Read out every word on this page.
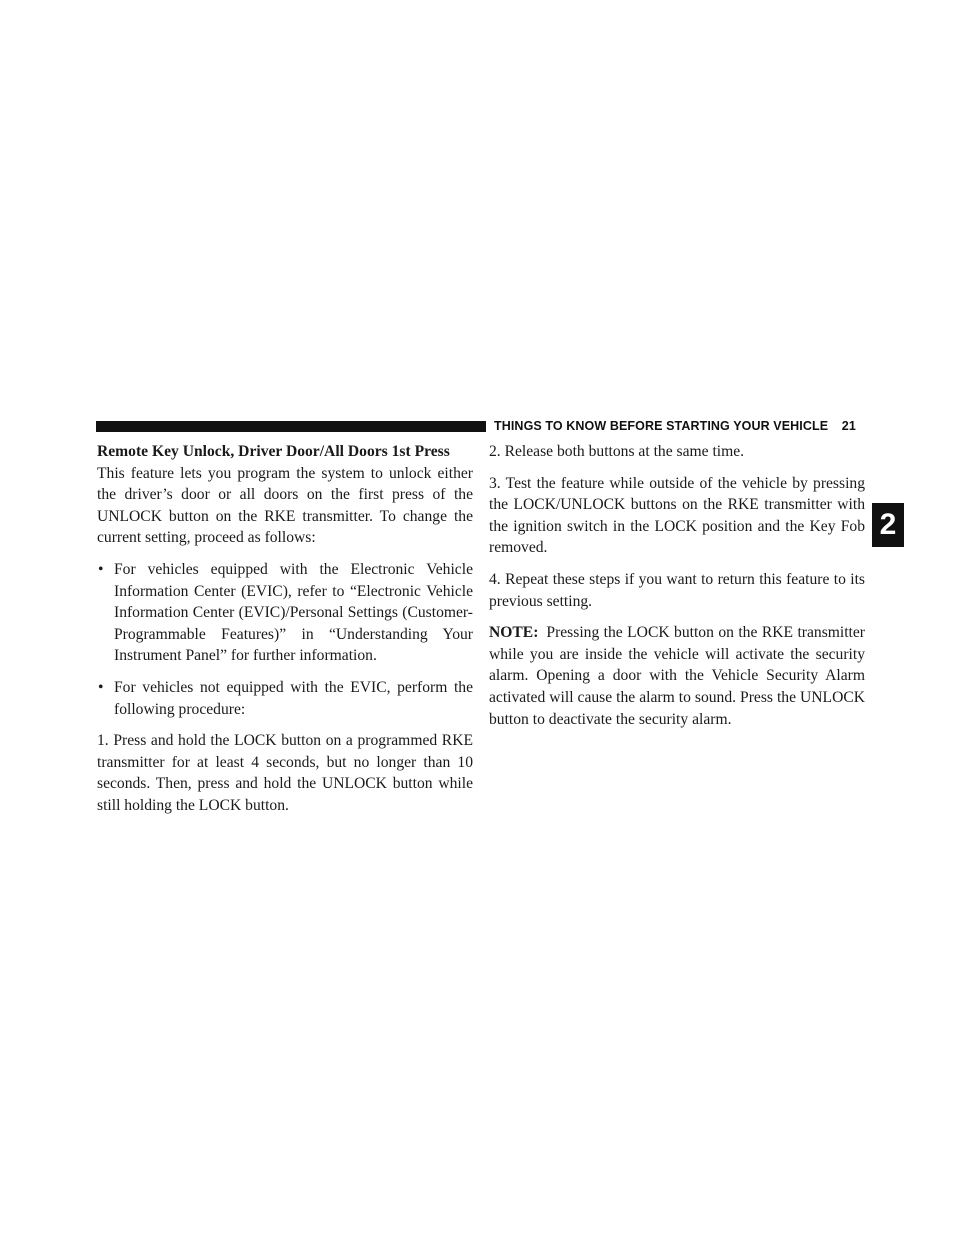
THINGS TO KNOW BEFORE STARTING YOUR VEHICLE 21
2

Remote Key Unlock, Driver Door/All Doors 1st Press

This feature lets you program the system to unlock either the driver’s door or all doors on the first press of the UNLOCK button on the RKE transmitter. To change the current setting, proceed as follows:

• For vehicles equipped with the Electronic Vehicle Information Center (EVIC), refer to “Electronic Vehicle Information Center (EVIC)/Personal Settings (Customer-Programmable Features)” in “Understanding Your Instrument Panel” for further information.
• For vehicles not equipped with the EVIC, perform the following procedure:

1. Press and hold the LOCK button on a programmed RKE transmitter for at least 4 seconds, but no longer than 10 seconds. Then, press and hold the UNLOCK button while still holding the LOCK button.

2. Release both buttons at the same time.

3. Test the feature while outside of the vehicle by pressing the LOCK/UNLOCK buttons on the RKE transmitter with the ignition switch in the LOCK position and the Key Fob removed.

4. Repeat these steps if you want to return this feature to its previous setting.

NOTE: Pressing the LOCK button on the RKE transmitter while you are inside the vehicle will activate the security alarm. Opening a door with the Vehicle Security Alarm activated will cause the alarm to sound. Press the UNLOCK button to deactivate the security alarm.
